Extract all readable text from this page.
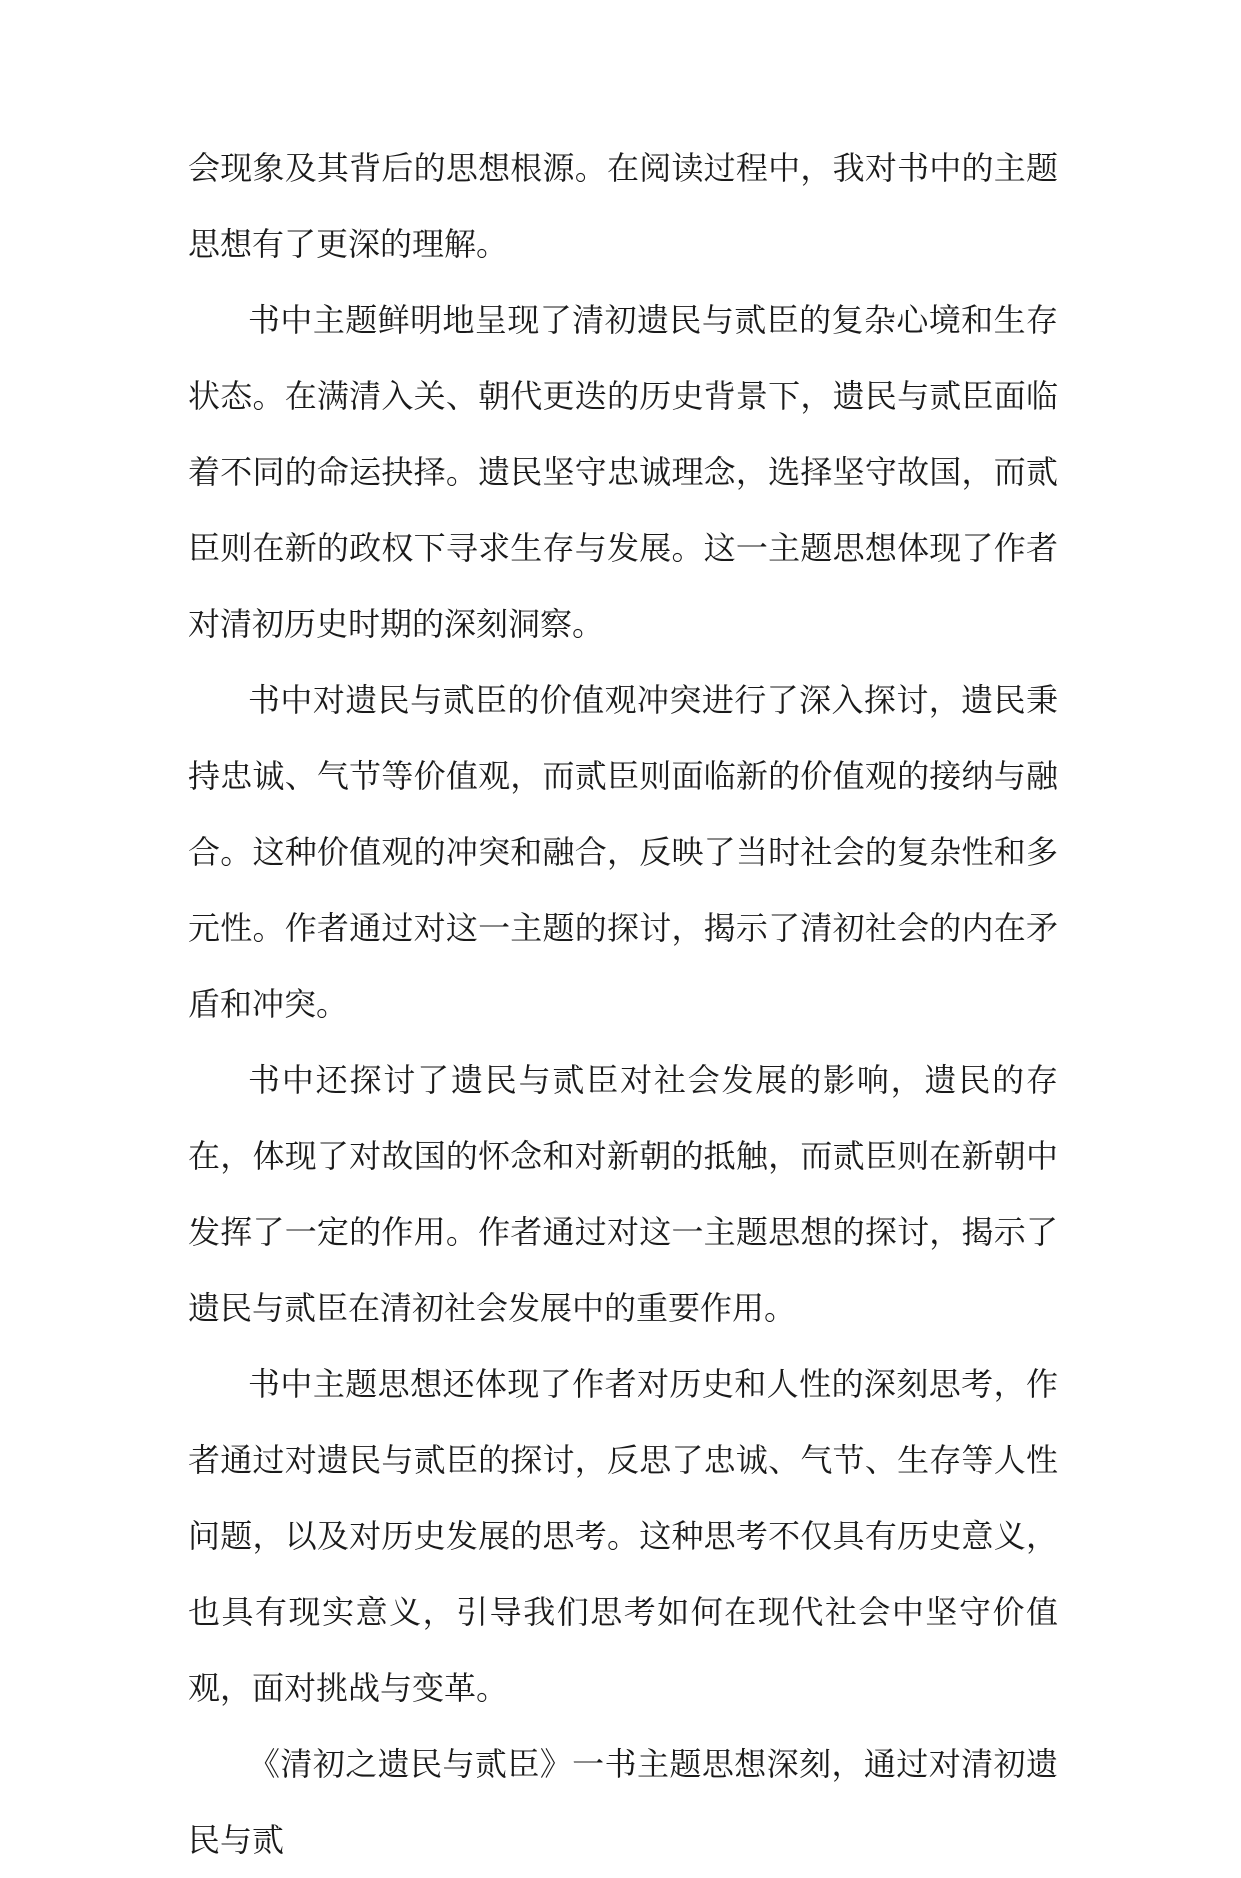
会现象及其背后的思想根源。在阅读过程中，我对书中的主题思想有了更深的理解。

书中主题鲜明地呈现了清初遗民与贰臣的复杂心境和生存状态。在满清入关、朝代更迭的历史背景下，遗民与贰臣面临着不同的命运抉择。遗民坚守忠诚理念，选择坚守故国，而贰臣则在新的政权下寻求生存与发展。这一主题思想体现了作者对清初历史时期的深刻洞察。

书中对遗民与贰臣的价值观冲突进行了深入探讨，遗民秉持忠诚、气节等价值观，而贰臣则面临新的价值观的接纳与融合。这种价值观的冲突和融合，反映了当时社会的复杂性和多元性。作者通过对这一主题的探讨，揭示了清初社会的内在矛盾和冲突。

书中还探讨了遗民与贰臣对社会发展的影响，遗民的存在，体现了对故国的怀念和对新朝的抵触，而贰臣则在新朝中发挥了一定的作用。作者通过对这一主题思想的探讨，揭示了遗民与贰臣在清初社会发展中的重要作用。

书中主题思想还体现了作者对历史和人性的深刻思考，作者通过对遗民与贰臣的探讨，反思了忠诚、气节、生存等人性问题，以及对历史发展的思考。这种思考不仅具有历史意义，也具有现实意义，引导我们思考如何在现代社会中坚守价值观，面对挑战与变革。

《清初之遗民与贰臣》一书主题思想深刻，通过对清初遗民与贰
